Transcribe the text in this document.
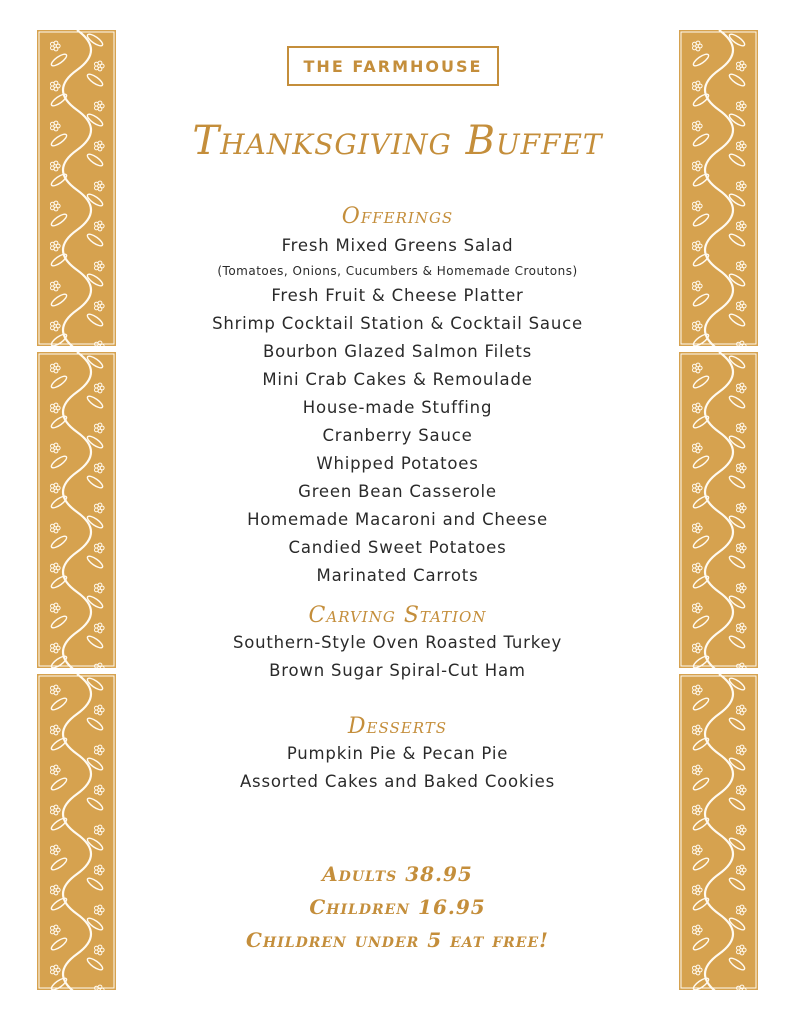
THE FARMHOUSE
Thanksgiving Buffet
Offerings
Fresh Mixed Greens Salad
(Tomatoes, Onions, Cucumbers & Homemade Croutons)
Fresh Fruit & Cheese Platter
Shrimp Cocktail Station & Cocktail Sauce
Bourbon Glazed Salmon Filets
Mini Crab Cakes & Remoulade
House-made Stuffing
Cranberry Sauce
Whipped Potatoes
Green Bean Casserole
Homemade Macaroni and Cheese
Candied Sweet Potatoes
Marinated Carrots
Carving Station
Southern-Style Oven Roasted Turkey
Brown Sugar Spiral-Cut Ham
Desserts
Pumpkin Pie & Pecan Pie
Assorted Cakes and Baked Cookies
Adults 38.95
Children 16.95
Children under 5 eat free!
